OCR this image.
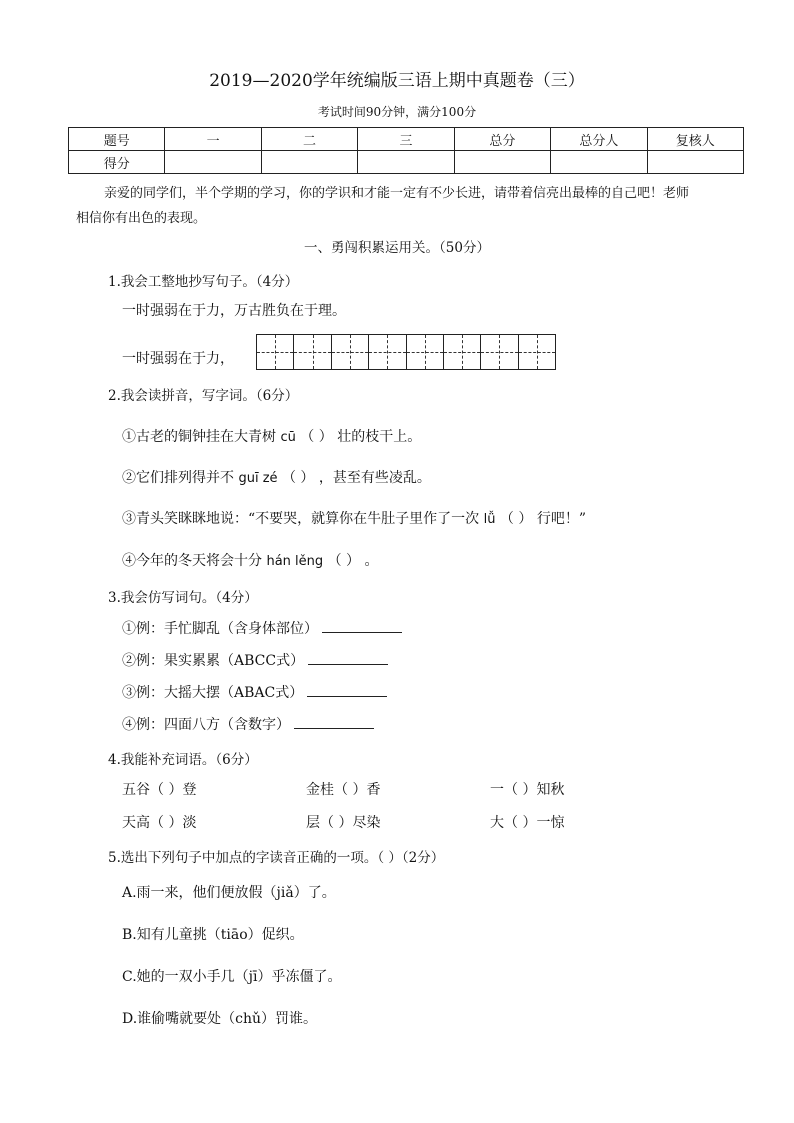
2019—2020学年统编版三语上期中真题卷（三）
考试时间90分钟，满分100分
题号	一	二	三	总分	总分人	复核人
得分						
亲爱的同学们，半个学期的学习，你的学识和才能一定有不少长进，请带着信亮出最棒的自己吧！老师
相信你有出色的表现。
一、勇闯积累运用关。（50分）
1.我会工整地抄写句子。（4分）
一时强弱在于力，万古胜负在于理。
一时强弱在于力，
2.我会读拼音，写字词。（6分）
①古老的铜钟挂在大青树 cū （ ） 壮的枝干上。
②它们排列得并不 guī zé （ ） ，甚至有些凌乱。
③青头笑眯眯地说：“不要哭，就算你在牛肚子里作了一次 lǚ （ ） 行吧！”
④今年的冬天将会十分 hán lěng （ ） 。
3.我会仿写词句。（4分）
①例：手忙脚乱（含身体部位）
②例：果实累累（ABCC式）
③例：大摇大摆（ABAC式）
④例：四面八方（含数字）
4.我能补充词语。（6分）
五谷（ ）登	金桂（ ）香	一（ ）知秋
天高（ ）淡	层（ ）尽染	大（ ）一惊
5.选出下列句子中加点的字读音正确的一项。（ ）（2分）
A.雨一来，他们便放假（jiǎ）了。
B.知有儿童挑（tiāo）促织。
C.她的一双小手几（jī）乎冻僵了。
D.谁偷嘴就要处（chǔ）罚谁。
